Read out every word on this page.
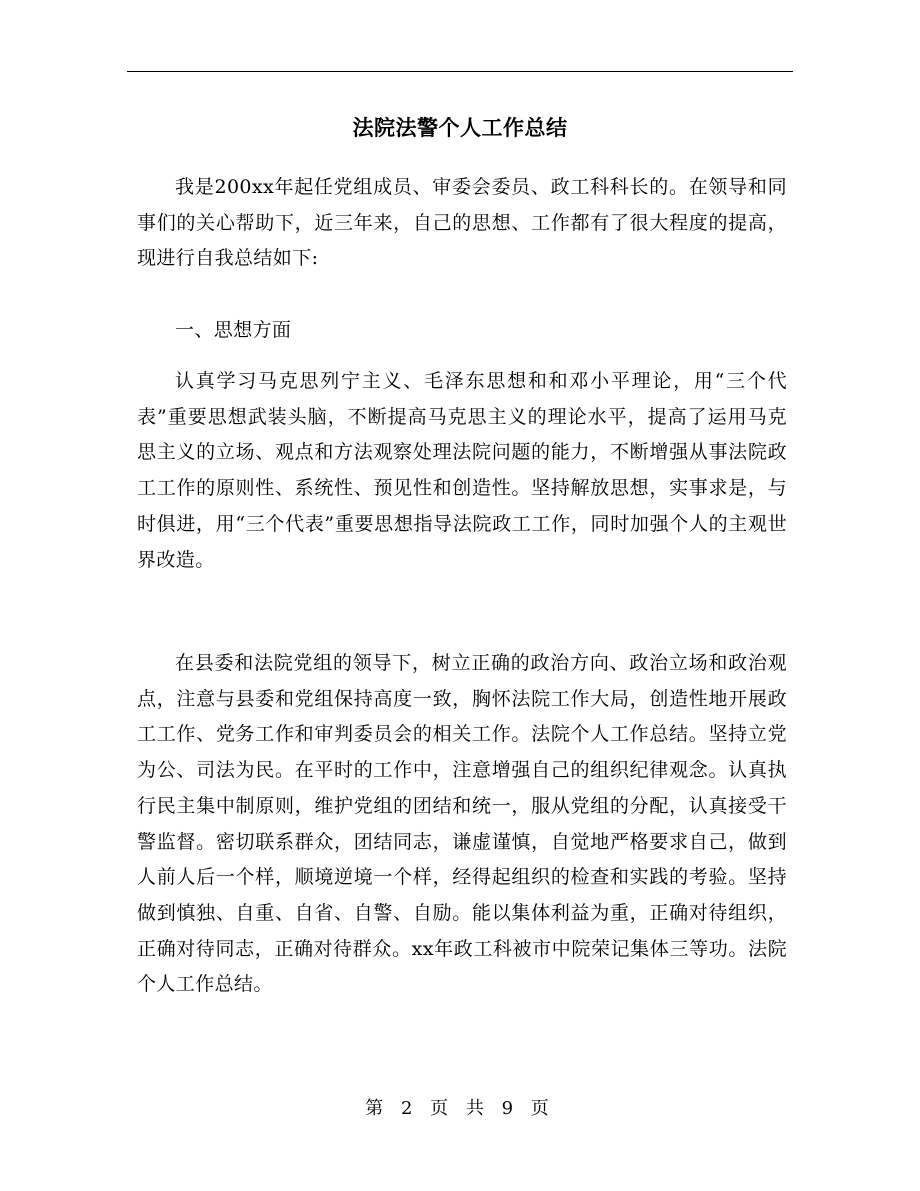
法院法警个人工作总结

我是200xx年起任党组成员、审委会委员、政工科科长的。在领导和同事们的关心帮助下，近三年来，自己的思想、工作都有了很大程度的提高，现进行自我总结如下:

一、思想方面

认真学习马克思列宁主义、毛泽东思想和和邓小平理论，用“三个代表”重要思想武装头脑，不断提高马克思主义的理论水平，提高了运用马克思主义的立场、观点和方法观察处理法院问题的能力，不断增强从事法院政工工作的原则性、系统性、预见性和创造性。坚持解放思想，实事求是，与时俱进，用“三个代表”重要思想指导法院政工工作，同时加强个人的主观世界改造。

在县委和法院党组的领导下，树立正确的政治方向、政治立场和政治观点，注意与县委和党组保持高度一致，胸怀法院工作大局，创造性地开展政工工作、党务工作和审判委员会的相关工作。法院个人工作总结。坚持立党为公、司法为民。在平时的工作中，注意增强自己的组织纪律观念。认真执行民主集中制原则，维护党组的团结和统一，服从党组的分配，认真接受干警监督。密切联系群众，团结同志，谦虚谨慎，自觉地严格要求自己，做到人前人后一个样，顺境逆境一个样，经得起组织的检查和实践的考验。坚持做到慎独、自重、自省、自警、自励。能以集体利益为重，正确对待组织，正确对待同志，正确对待群众。xx年政工科被市中院荣记集体三等功。法院个人工作总结。

第 2 页 共 9 页
